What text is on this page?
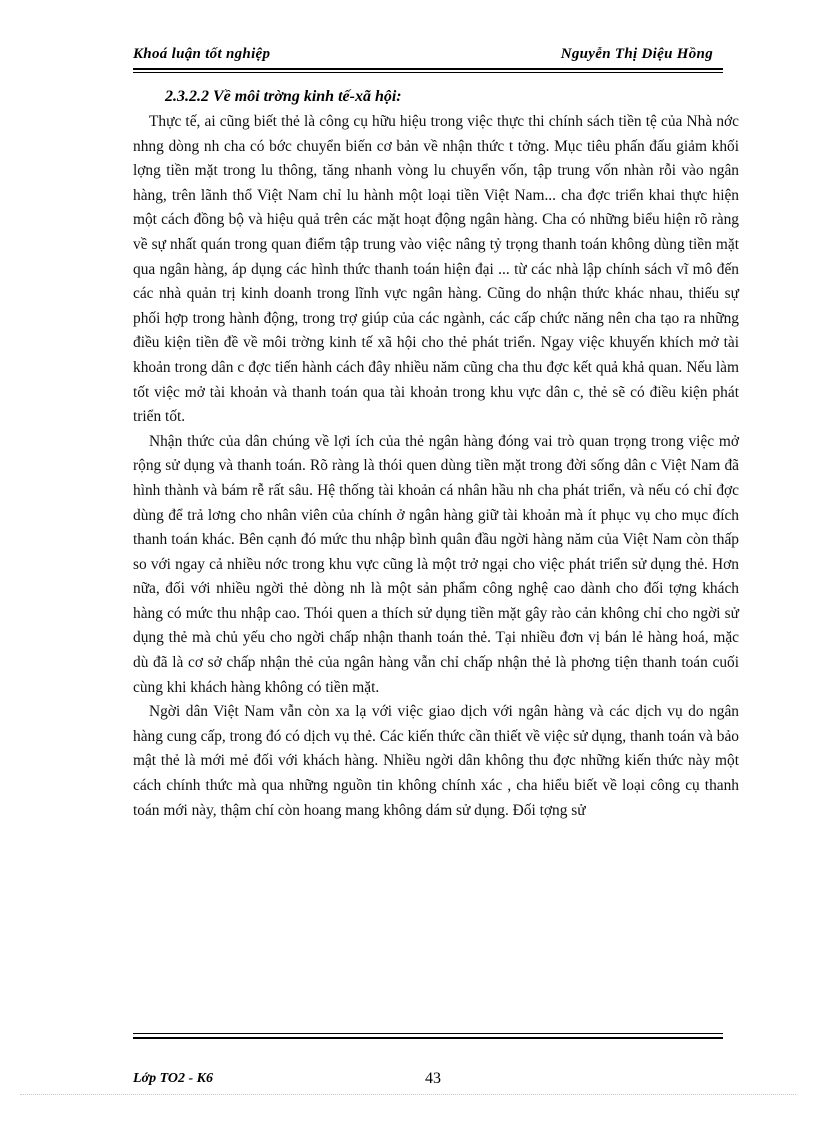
Khoá luận tốt nghiệp	Nguyễn Thị Diệu Hồng

2.3.2.2 Về môi trờng kinh tế-xã hội:

Thực tế, ai cũng biết thẻ là công cụ hữu hiệu trong việc thực thi chính sách tiền tệ của Nhà nớc nhng dòng nh cha có bớc chuyển biến cơ bản về nhận thức t tởng. Mục tiêu phấn đấu giảm khối lợng tiền mặt trong lu thông, tăng nhanh vòng lu chuyển vốn, tập trung vốn nhàn rỗi vào ngân hàng, trên lãnh thổ Việt Nam chỉ lu hành một loại tiền Việt Nam... cha đợc triển khai thực hiện một cách đồng bộ và hiệu quả trên các mặt hoạt động ngân hàng. Cha có những biểu hiện rõ ràng về sự nhất quán trong quan điểm tập trung vào việc nâng tỷ trọng thanh toán không dùng tiền mặt qua ngân hàng, áp dụng các hình thức thanh toán hiện đại ... từ các nhà lập chính sách vĩ mô đến các nhà quản trị kinh doanh trong lĩnh vực ngân hàng. Cũng do nhận thức khác nhau, thiếu sự phối hợp trong hành động, trong trợ giúp của các ngành, các cấp chức năng nên cha tạo ra những điều kiện tiền đề về môi trờng kinh tế xã hội cho thẻ phát triển. Ngay việc khuyến khích mở tài khoản trong dân c đợc tiến hành cách đây nhiều năm cũng cha thu đợc kết quả khả quan. Nếu làm tốt việc mở tài khoản và thanh toán qua tài khoản trong khu vực dân c, thẻ sẽ có điều kiện phát triển tốt.

Nhận thức của dân chúng về lợi ích của thẻ ngân hàng đóng vai trò quan trọng trong việc mở rộng sử dụng và thanh toán. Rõ ràng là thói quen dùng tiền mặt trong đời sống dân c Việt Nam đã hình thành và bám rễ rất sâu. Hệ thống tài khoản cá nhân hầu nh cha phát triển, và nếu có chỉ đợc dùng để trả lơng cho nhân viên của chính ở ngân hàng giữ tài khoản mà ít phục vụ cho mục đích thanh toán khác. Bên cạnh đó mức thu nhập bình quân đầu ngời hàng năm của Việt Nam còn thấp so với ngay cả nhiều nớc trong khu vực cũng là một trở ngại cho việc phát triển sử dụng thẻ. Hơn nữa, đối với nhiều ngời thẻ dòng nh là một sản phẩm công nghệ cao dành cho đối tợng khách hàng có mức thu nhập cao. Thói quen a thích sử dụng tiền mặt gây rào cản không chỉ cho ngời sử dụng thẻ mà chủ yếu cho ngời chấp nhận thanh toán thẻ. Tại nhiều đơn vị bán lẻ hàng hoá, mặc dù đã là cơ sở chấp nhận thẻ của ngân hàng vẫn chỉ chấp nhận thẻ là phơng tiện thanh toán cuối cùng khi khách hàng không có tiền mặt.

Ngời dân Việt Nam vẫn còn xa lạ với việc giao dịch với ngân hàng và các dịch vụ do ngân hàng cung cấp, trong đó có dịch vụ thẻ. Các kiến thức cần thiết về việc sử dụng, thanh toán và bảo mật thẻ là mới mẻ đối với khách hàng. Nhiều ngời dân không thu đợc những kiến thức này một cách chính thức mà qua những nguồn tin không chính xác , cha hiểu biết về loại công cụ thanh toán mới này, thậm chí còn hoang mang không dám sử dụng. Đối tợng sử

Lớp TO2 - K6	43
